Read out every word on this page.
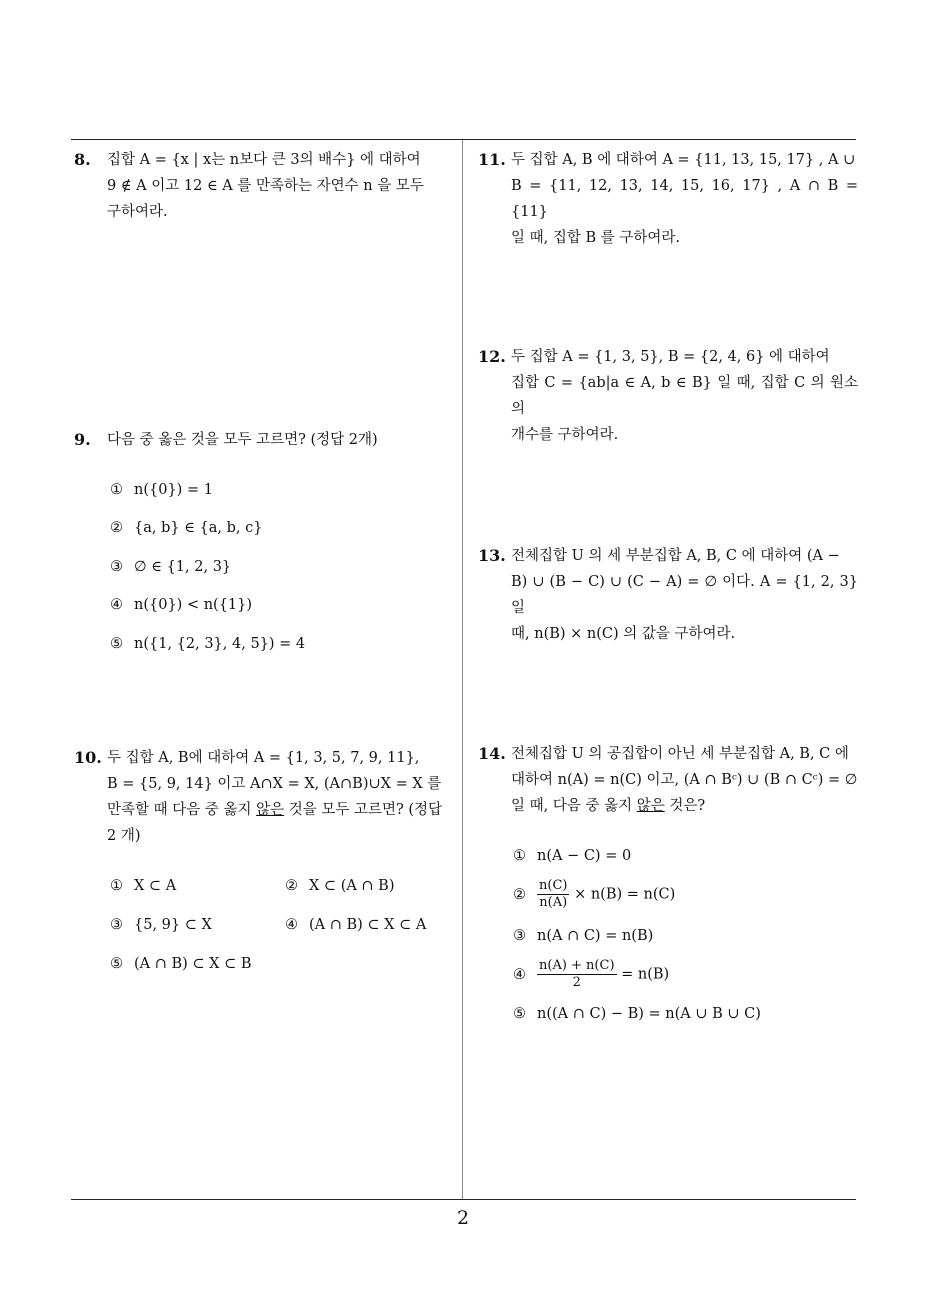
8. 집합 A = {x | x는 n보다 큰 3의 배수} 에 대하여
9 ∉ A 이고 12 ∈ A 를 만족하는 자연수 n 을 모두
구하여라.
9. 다음 중 옳은 것을 모두 고르면? (정답 2개)
① n({0}) = 1
② {a, b} ∈ {a, b, c}
③ ∅ ∈ {1, 2, 3}
④ n({0}) < n({1})
⑤ n({1, {2, 3}, 4, 5}) = 4
10. 두 집합 A, B에 대하여 A = {1, 3, 5, 7, 9, 11},
B = {5, 9, 14} 이고 A∩X = X, (A∩B)∪X = X 를
만족할 때 다음 중 옳지 않은 것을 모두 고르면? (정답
2 개)
① X ⊂ A	② X ⊂ (A ∩ B)
③ {5, 9} ⊂ X	④ (A ∩ B) ⊂ X ⊂ A
⑤ (A ∩ B) ⊂ X ⊂ B
11. 두 집합 A, B 에 대하여 A = {11, 13, 15, 17} , A ∪
B = {11, 12, 13, 14, 15, 16, 17} , A ∩ B = {11}
일 때, 집합 B 를 구하여라.
12. 두 집합 A = {1, 3, 5}, B = {2, 4, 6} 에 대하여
집합 C = {ab|a ∈ A, b ∈ B} 일 때, 집합 C 의 원소의
개수를 구하여라.
13. 전체집합 U 의 세 부분집합 A, B, C 에 대하여 (A −
B) ∪ (B − C) ∪ (C − A) = ∅ 이다. A = {1, 2, 3} 일
때, n(B) × n(C) 의 값을 구하여라.
14. 전체집합 U 의 공집합이 아닌 세 부분집합 A, B, C 에
대하여 n(A) = n(C) 이고, (A ∩ Bᶜ) ∪ (B ∩ Cᶜ) = ∅
일 때, 다음 중 옳지 않은 것은?
① n(A − C) = 0
② $\frac{n(C)}{n(A)} \times n(B) = n(C)$
③ n(A ∩ C) = n(B)
④ $\frac{n(A) + n(C)}{2} = n(B)$
⑤ n((A ∩ C) − B) = n(A ∪ B ∪ C)
2
